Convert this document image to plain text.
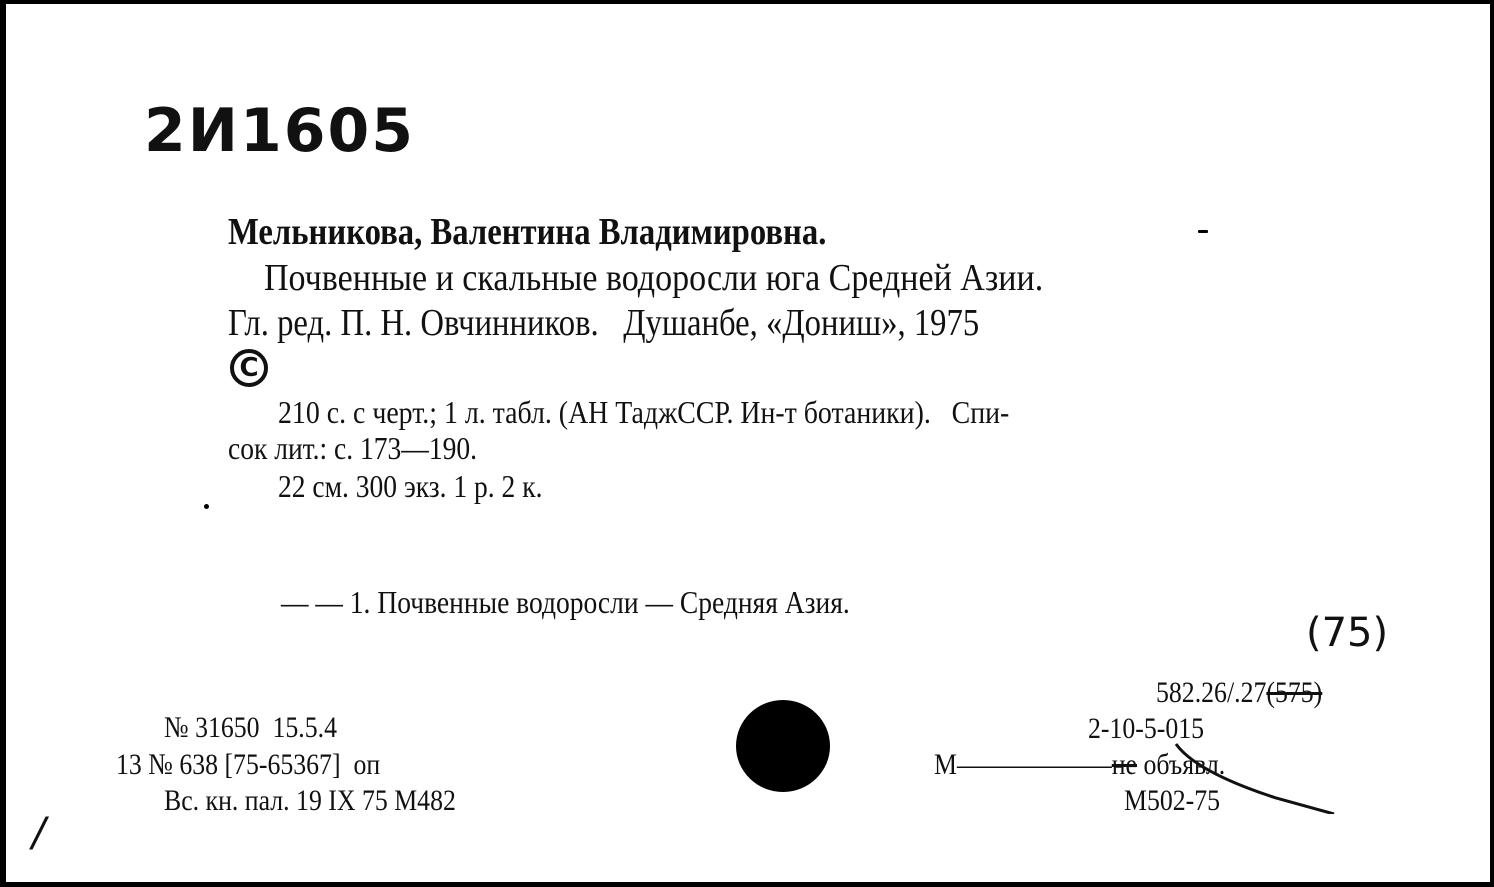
2И1605
Мельникова, Валентина Владимировна.
Почвенные и скальные водоросли юга Средней Азии.
Гл. ред. П. Н. Овчинников.   Душанбе, «Дониш», 1975
C
210 с. с черт.; 1 л. табл. (АН ТаджССР. Ин-т ботаники).   Спи-
сок лит.: с. 173—190.
22 см. 300 экз. 1 р. 2 к.
— — 1. Почвенные водоросли — Средняя Азия.
(75)
582.26/.27(575)
2-10-5-015
M——————не объявл.
M502-75
№ 31650  15.5.4
13 № 638 [75-65367]  оп
Вс. кн. пал. 19 IX 75 M482
/
